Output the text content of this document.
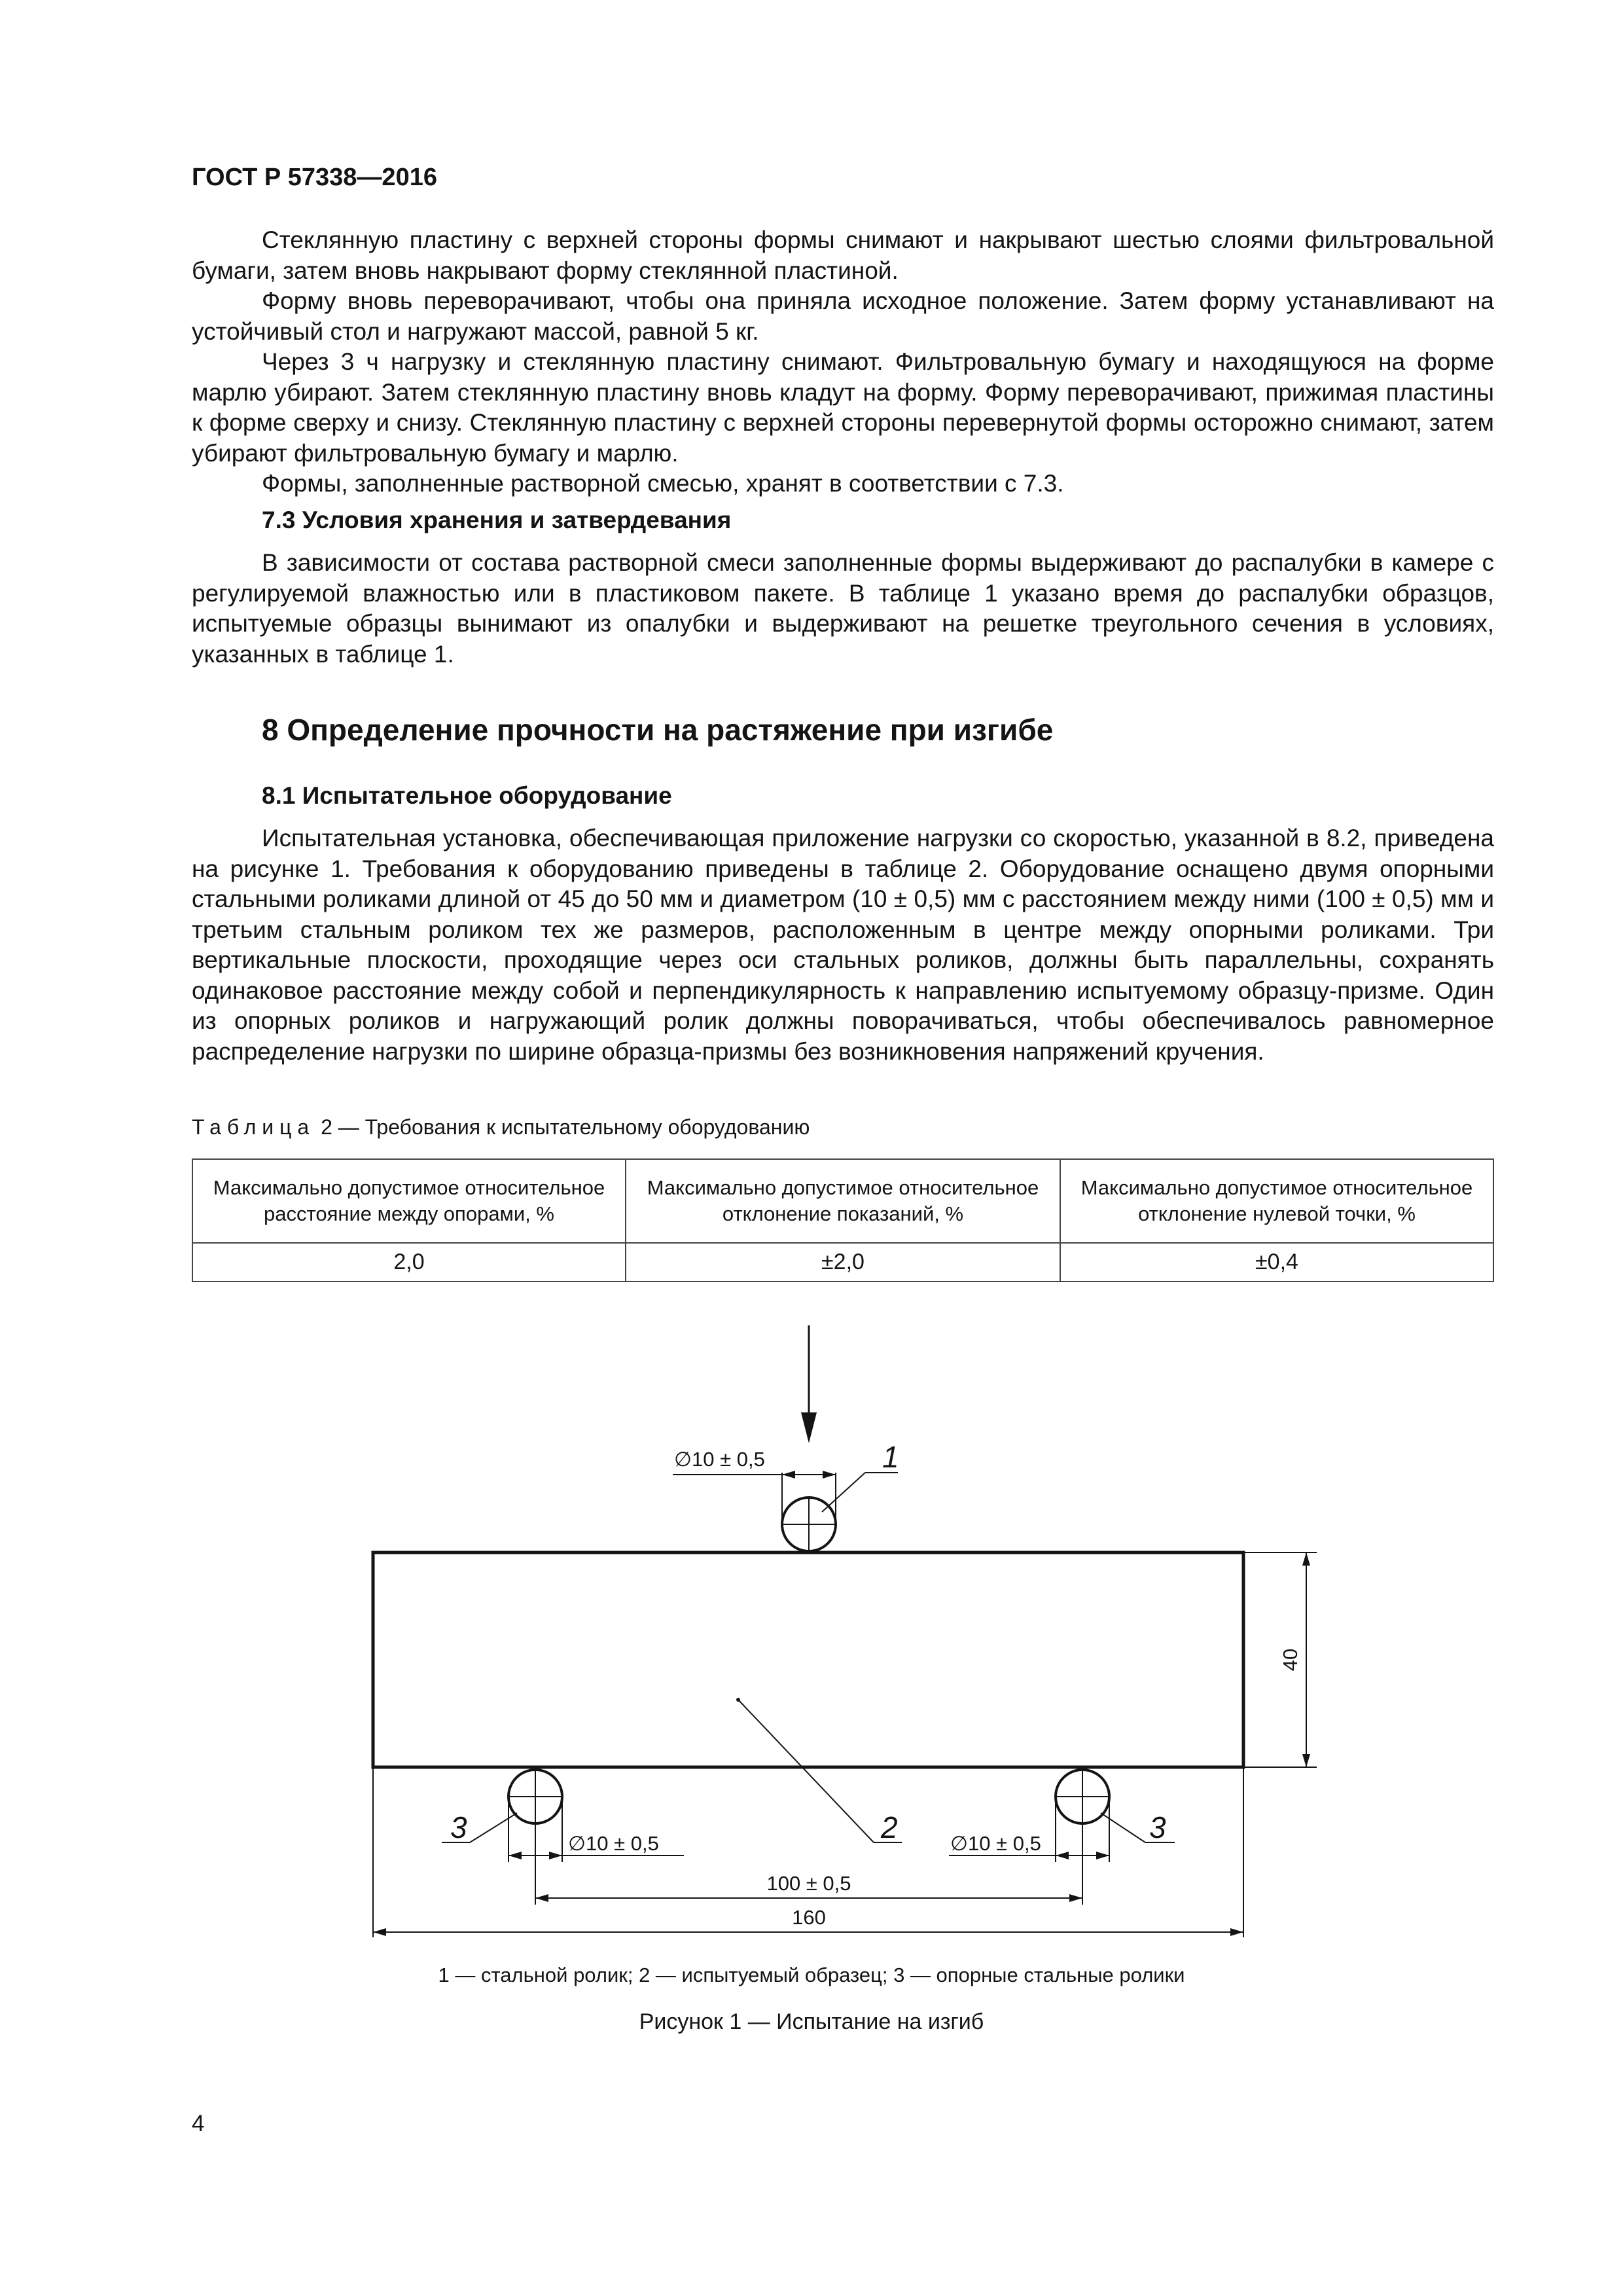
ГОСТ Р 57338—2016

Стеклянную пластину с верхней стороны формы снимают и накрывают шестью слоями фильтровальной бумаги, затем вновь накрывают форму стеклянной пластиной.

Форму вновь переворачивают, чтобы она приняла исходное положение. Затем форму устанавливают на устойчивый стол и нагружают массой, равной 5 кг.

Через 3 ч нагрузку и стеклянную пластину снимают. Фильтровальную бумагу и находящуюся на форме марлю убирают. Затем стеклянную пластину вновь кладут на форму. Форму переворачивают, прижимая пластины к форме сверху и снизу. Стеклянную пластину с верхней стороны перевернутой формы осторожно снимают, затем убирают фильтровальную бумагу и марлю.

Формы, заполненные растворной смесью, хранят в соответствии с 7.3.

7.3 Условия хранения и затвердевания

В зависимости от состава растворной смеси заполненные формы выдерживают до распалубки в камере с регулируемой влажностью или в пластиковом пакете. В таблице 1 указано время до распалубки образцов, испытуемые образцы вынимают из опалубки и выдерживают на решетке треугольного сечения в условиях, указанных в таблице 1.

8 Определение прочности на растяжение при изгибе
8.1 Испытательное оборудование

Испытательная установка, обеспечивающая приложение нагрузки со скоростью, указанной в 8.2, приведена на рисунке 1. Требования к оборудованию приведены в таблице 2. Оборудование оснащено двумя опорными стальными роликами длиной от 45 до 50 мм и диаметром (10 ± 0,5) мм с расстоянием между ними (100 ± 0,5) мм и третьим стальным роликом тех же размеров, расположенным в центре между опорными роликами. Три вертикальные плоскости, проходящие через оси стальных роликов, должны быть параллельны, сохранять одинаковое расстояние между собой и перпендикулярность к направлению испытуемому образцу-призме. Один из опорных роликов и нагружающий ролик должны поворачиваться, чтобы обеспечивалось равномерное распределение нагрузки по ширине образца-призмы без возникновения напряжений кручения.

Таблица 2 — Требования к испытательному оборудованию
Максимально допустимое относительное расстояние между опорами, %	Максимально допустимое относительное отклонение показаний, %	Максимально допустимое относительное отклонение нулевой точки, %
2,0	±2,0	±0,4
∅10 ± 0,5
∅10 ± 0,5	∅10 ± 0,5
100 ± 0,5
160
40
1
2
3	3
1 — стальной ролик; 2 — испытуемый образец; 3 — опорные стальные ролики
Рисунок 1 — Испытание на изгиб
4
